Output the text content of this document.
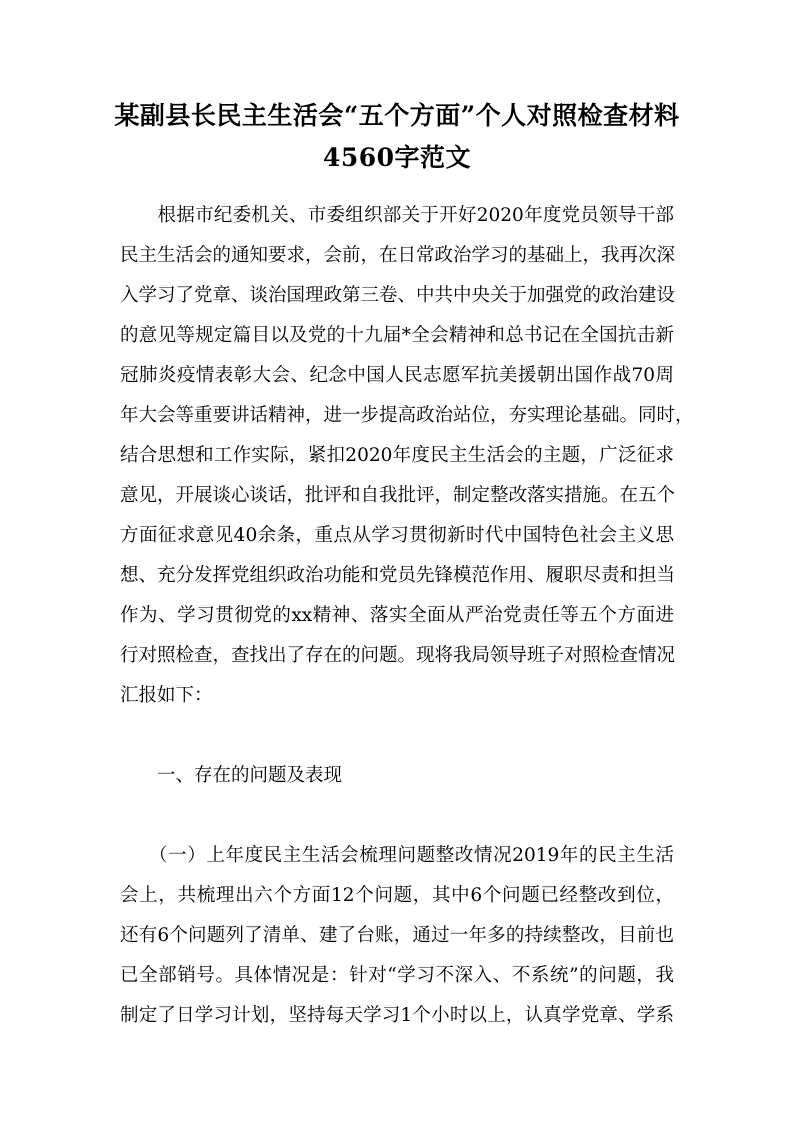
某副县长民主生活会“五个方面”个人对照检查材料
4560字范文
　　根据市纪委机关、市委组织部关于开好2020年度党员领导干部
民主生活会的通知要求，会前，在日常政治学习的基础上，我再次深
入学习了党章、谈治国理政第三卷、中共中央关于加强党的政治建设
的意见等规定篇目以及党的十九届*全会精神和总书记在全国抗击新
冠肺炎疫情表彰大会、纪念中国人民志愿军抗美援朝出国作战70周
年大会等重要讲话精神，进一步提高政治站位，夯实理论基础。同时，
结合思想和工作实际，紧扣2020年度民主生活会的主题，广泛征求
意见，开展谈心谈话，批评和自我批评，制定整改落实措施。在五个
方面征求意见40余条，重点从学习贯彻新时代中国特色社会主义思
想、充分发挥党组织政治功能和党员先锋模范作用、履职尽责和担当
作为、学习贯彻党的xx精神、落实全面从严治党责任等五个方面进
行对照检查，查找出了存在的问题。现将我局领导班子对照检查情况
汇报如下：
　　一、存在的问题及表现
　　（一）上年度民主生活会梳理问题整改情况2019年的民主生活
会上，共梳理出六个方面12个问题，其中6个问题已经整改到位，
还有6个问题列了清单、建了台账，通过一年多的持续整改，目前也
已全部销号。具体情况是：针对“学习不深入、不系统”的问题，我
制定了日学习计划，坚持每天学习1个小时以上，认真学党章、学系
